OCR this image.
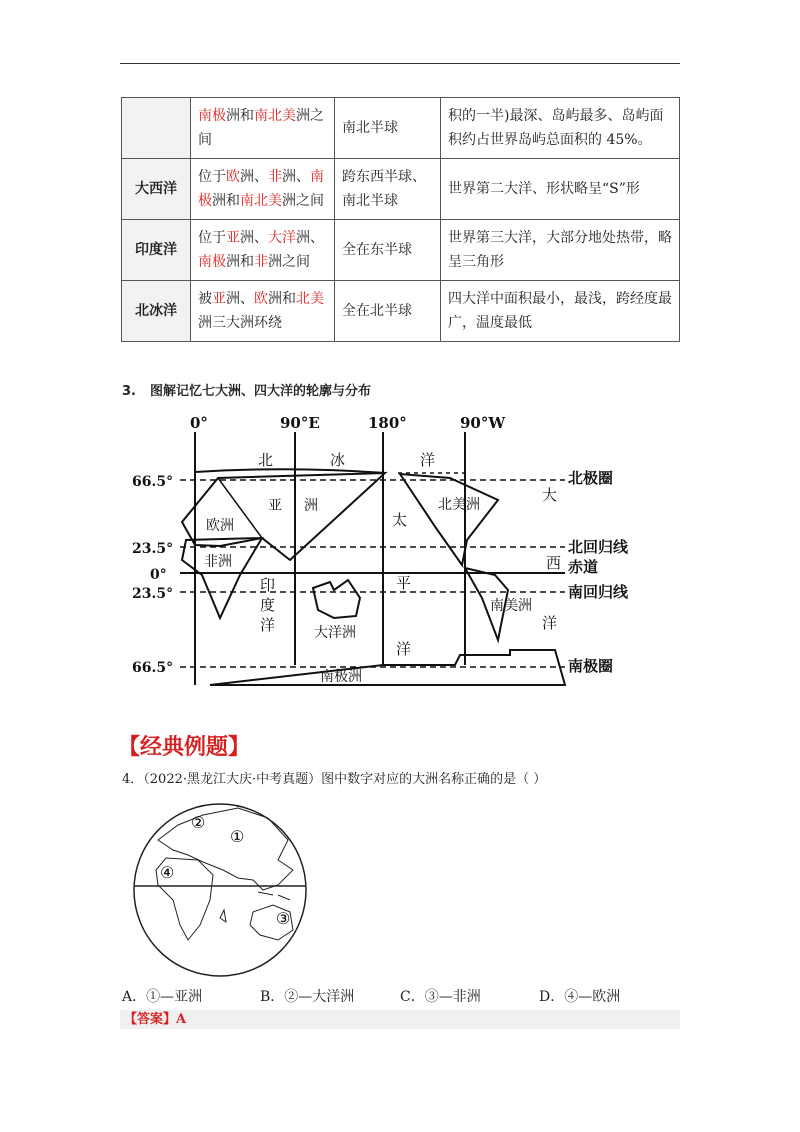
	南极洲和南北美洲之间	南北半球	积的一半)最深、岛屿最多、岛屿面积约占世界岛屿总面积的 45%。
大西洋	位于欧洲、非洲、南极洲和南北美洲之间	跨东西半球、南北半球	世界第二大洋、形状略呈“S”形
印度洋	位于亚洲、大洋洲、南极洲和非洲之间	全在东半球	世界第三大洋，大部分地处热带，略呈三角形
北冰洋	被亚洲、欧洲和北美洲三大洲环绕	全在北半球	四大洋中面积最小，最浅，跨经度最广，温度最低
3. 图解记忆七大洲、四大洋的轮廓与分布
0°	90°E	180°	90°W
66.5°
23.5°
0°
23.5°
66.5°
北极圈
北回归线
赤道
南回归线
南极圈
欧洲
非洲
亚 洲	北美洲
南美洲
大洋洲
南极洲
北	冰	洋
太
平
洋
大
西
洋
印
度
洋
【经典例题】
4．（2022·黑龙江大庆·中考真题）图中数字对应的大洲名称正确的是（ ）
①
②
③
④
A．①—亚洲	B．②—大洋洲	C．③—非洲	D．④—欧洲
【答案】A
